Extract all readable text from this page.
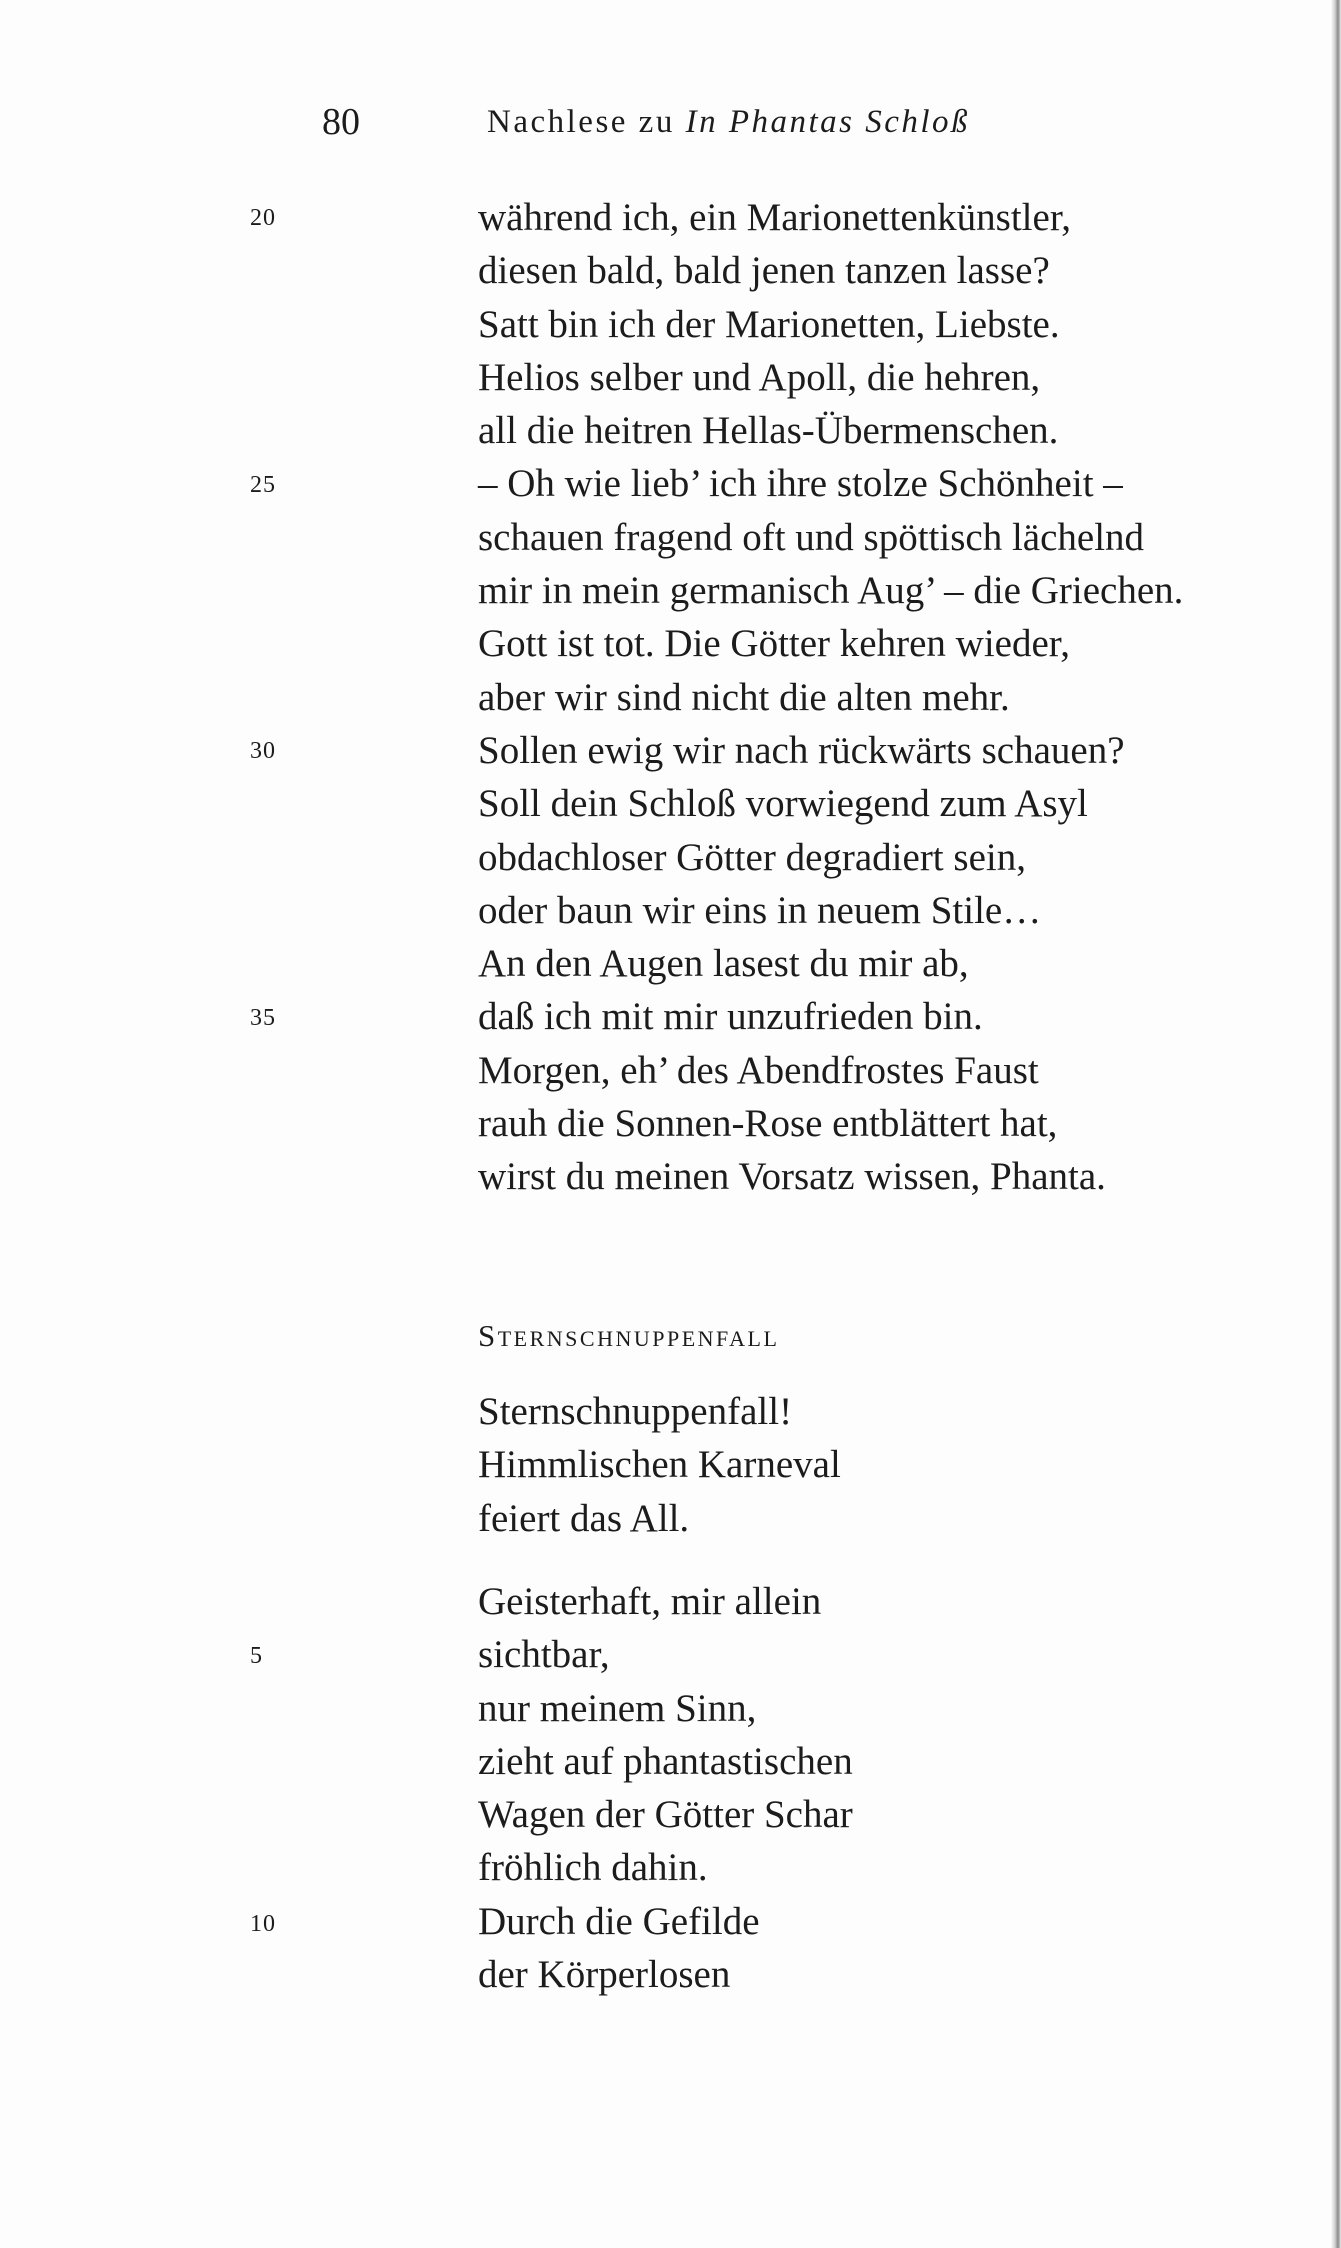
80	Nachlese zu In Phantas Schloß
während ich, ein Marionettenkünstler,
diesen bald, bald jenen tanzen lasse?
Satt bin ich der Marionetten, Liebste.
Helios selber und Apoll, die hehren,
all die heitren Hellas-Übermenschen.
– Oh wie lieb’ ich ihre stolze Schönheit –
schauen fragend oft und spöttisch lächelnd
mir in mein germanisch Aug’ – die Griechen.
Gott ist tot. Die Götter kehren wieder,
aber wir sind nicht die alten mehr.
Sollen ewig wir nach rückwärts schauen?
Soll dein Schloß vorwiegend zum Asyl
obdachloser Götter degradiert sein,
oder baun wir eins in neuem Stile…
An den Augen lasest du mir ab,
daß ich mit mir unzufrieden bin.
Morgen, eh’ des Abendfrostes Faust
rauh die Sonnen-Rose entblättert hat,
wirst du meinen Vorsatz wissen, Phanta.
20
25
30
35
Sternschnuppenfall
Sternschnuppenfall!
Himmlischen Karneval
feiert das All.
Geisterhaft, mir allein
sichtbar,
nur meinem Sinn,
zieht auf phantastischen
Wagen der Götter Schar
fröhlich dahin.
Durch die Gefilde
der Körperlosen
5
10
